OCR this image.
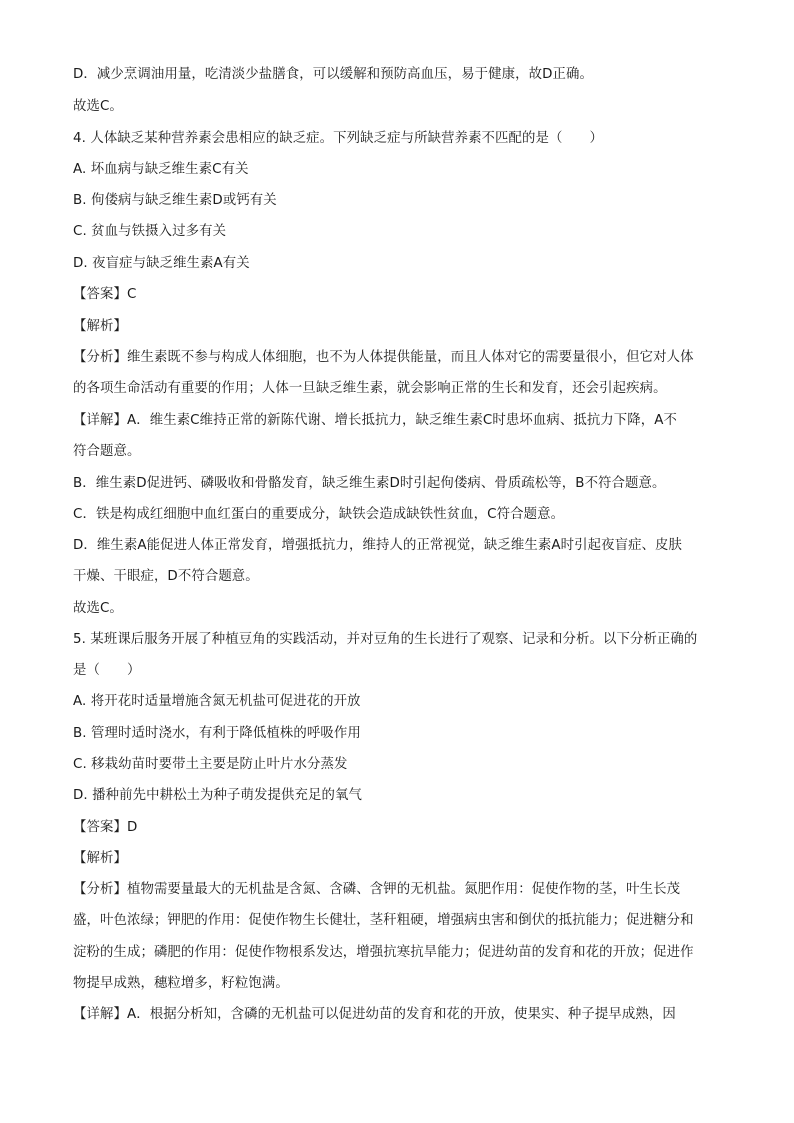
D．减少烹调油用量，吃清淡少盐膳食，可以缓解和预防高血压，易于健康，故D正确。
故选C。
4. 人体缺乏某种营养素会患相应的缺乏症。下列缺乏症与所缺营养素不匹配的是（　　）
A. 坏血病与缺乏维生素C有关
B. 佝偻病与缺乏维生素D或钙有关
C. 贫血与铁摄入过多有关
D. 夜盲症与缺乏维生素A有关
【答案】C
【解析】
【分析】维生素既不参与构成人体细胞，也不为人体提供能量，而且人体对它的需要量很小，但它对人体
的各项生命活动有重要的作用；人体一旦缺乏维生素，就会影响正常的生长和发育，还会引起疾病。
【详解】A．维生素C维持正常的新陈代谢、增长抵抗力，缺乏维生素C时患坏血病、抵抗力下降，A不
符合题意。
B．维生素D促进钙、磷吸收和骨骼发育，缺乏维生素D时引起佝偻病、骨质疏松等，B不符合题意。
C．铁是构成红细胞中血红蛋白的重要成分，缺铁会造成缺铁性贫血，C符合题意。
D．维生素A能促进人体正常发育，增强抵抗力，维持人的正常视觉，缺乏维生素A时引起夜盲症、皮肤
干燥、干眼症，D不符合题意。
故选C。
5. 某班课后服务开展了种植豆角的实践活动，并对豆角的生长进行了观察、记录和分析。以下分析正确的
是（　　）
A. 将开花时适量增施含氮无机盐可促进花的开放
B. 管理时适时浇水，有利于降低植株的呼吸作用
C. 移栽幼苗时要带土主要是防止叶片水分蒸发
D. 播种前先中耕松土为种子萌发提供充足的氧气
【答案】D
【解析】
【分析】植物需要量最大的无机盐是含氮、含磷、含钾的无机盐。氮肥作用：促使作物的茎，叶生长茂
盛，叶色浓绿；钾肥的作用：促使作物生长健壮，茎秆粗硬，增强病虫害和倒伏的抵抗能力；促进糖分和
淀粉的生成；磷肥的作用：促使作物根系发达，增强抗寒抗旱能力；促进幼苗的发育和花的开放；促进作
物提早成熟，穗粒增多，籽粒饱满。
【详解】A．根据分析知，含磷的无机盐可以促进幼苗的发育和花的开放，使果实、种子提早成熟，因
